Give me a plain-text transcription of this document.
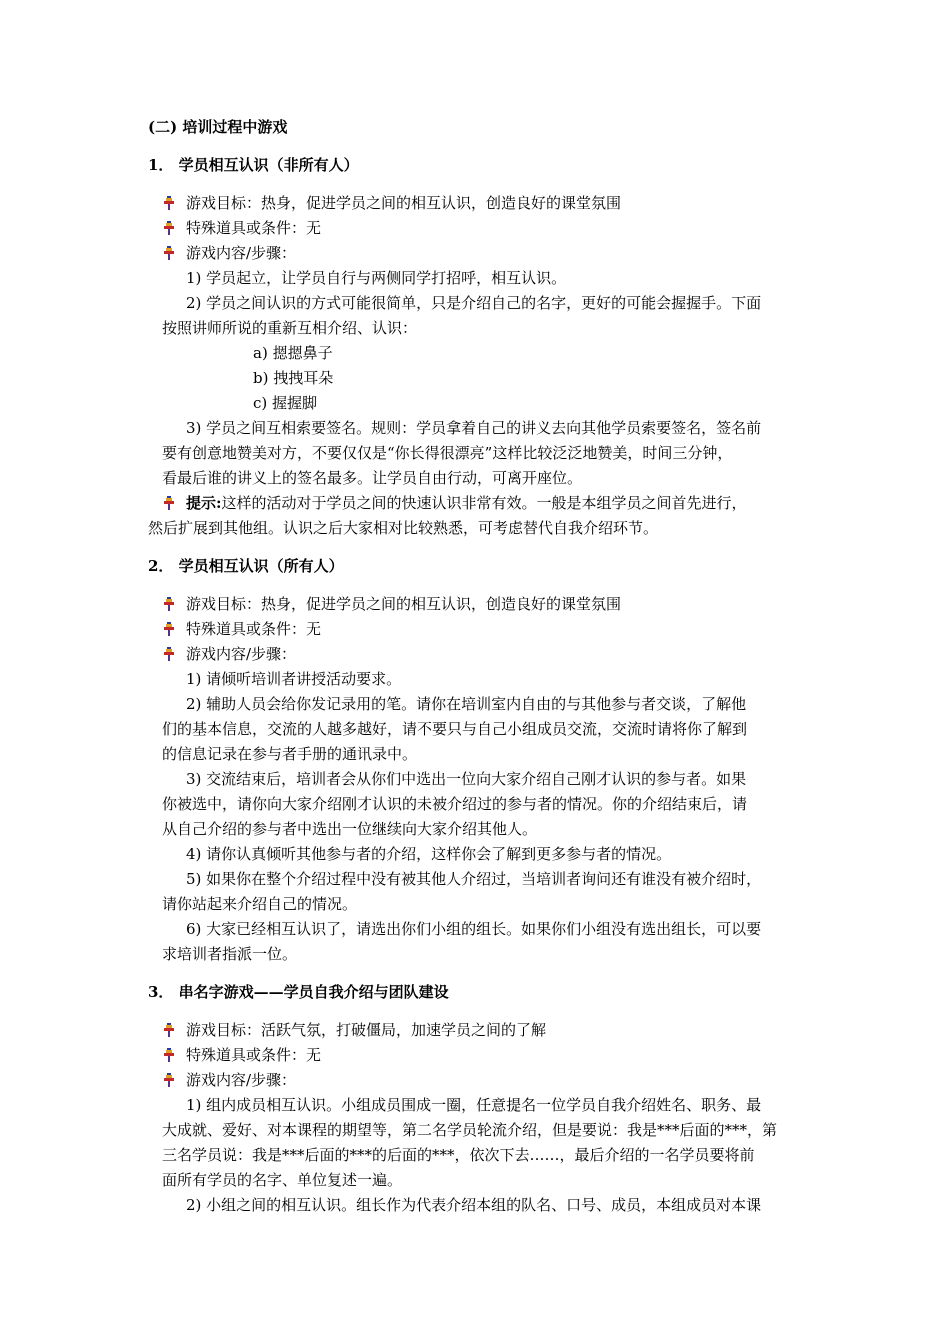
(二) 培训过程中游戏
1． 学员相互认识（非所有人）
游戏目标：热身，促进学员之间的相互认识，创造良好的课堂氛围
特殊道具或条件：无
游戏内容/步骤：
1) 学员起立，让学员自行与两侧同学打招呼，相互认识。
2) 学员之间认识的方式可能很简单，只是介绍自己的名字，更好的可能会握握手。下面
按照讲师所说的重新互相介绍、认识：
a) 摁摁鼻子
b) 拽拽耳朵
c) 握握脚
3) 学员之间互相索要签名。规则：学员拿着自己的讲义去向其他学员索要签名，签名前
要有创意地赞美对方，不要仅仅是“你长得很漂亮”这样比较泛泛地赞美，时间三分钟，
看最后谁的讲义上的签名最多。让学员自由行动，可离开座位。
提示:这样的活动对于学员之间的快速认识非常有效。一般是本组学员之间首先进行，
然后扩展到其他组。认识之后大家相对比较熟悉，可考虑替代自我介绍环节。
2． 学员相互认识（所有人）
游戏目标：热身，促进学员之间的相互认识，创造良好的课堂氛围
特殊道具或条件：无
游戏内容/步骤：
1) 请倾听培训者讲授活动要求。
2) 辅助人员会给你发记录用的笔。请你在培训室内自由的与其他参与者交谈，了解他
们的基本信息，交流的人越多越好，请不要只与自己小组成员交流，交流时请将你了解到
的信息记录在参与者手册的通讯录中。
3) 交流结束后，培训者会从你们中选出一位向大家介绍自己刚才认识的参与者。如果
你被选中，请你向大家介绍刚才认识的未被介绍过的参与者的情况。你的介绍结束后，请
从自己介绍的参与者中选出一位继续向大家介绍其他人。
4) 请你认真倾听其他参与者的介绍，这样你会了解到更多参与者的情况。
5) 如果你在整个介绍过程中没有被其他人介绍过，当培训者询问还有谁没有被介绍时，
请你站起来介绍自己的情况。
6) 大家已经相互认识了，请选出你们小组的组长。如果你们小组没有选出组长，可以要
求培训者指派一位。
3． 串名字游戏——学员自我介绍与团队建设
游戏目标：活跃气氛，打破僵局，加速学员之间的了解
特殊道具或条件：无
游戏内容/步骤：
1) 组内成员相互认识。小组成员围成一圈，任意提名一位学员自我介绍姓名、职务、最
大成就、爱好、对本课程的期望等，第二名学员轮流介绍，但是要说：我是***后面的***，第
三名学员说：我是***后面的***的后面的***，依次下去……，最后介绍的一名学员要将前
面所有学员的名字、单位复述一遍。
2) 小组之间的相互认识。组长作为代表介绍本组的队名、口号、成员，本组成员对本课
